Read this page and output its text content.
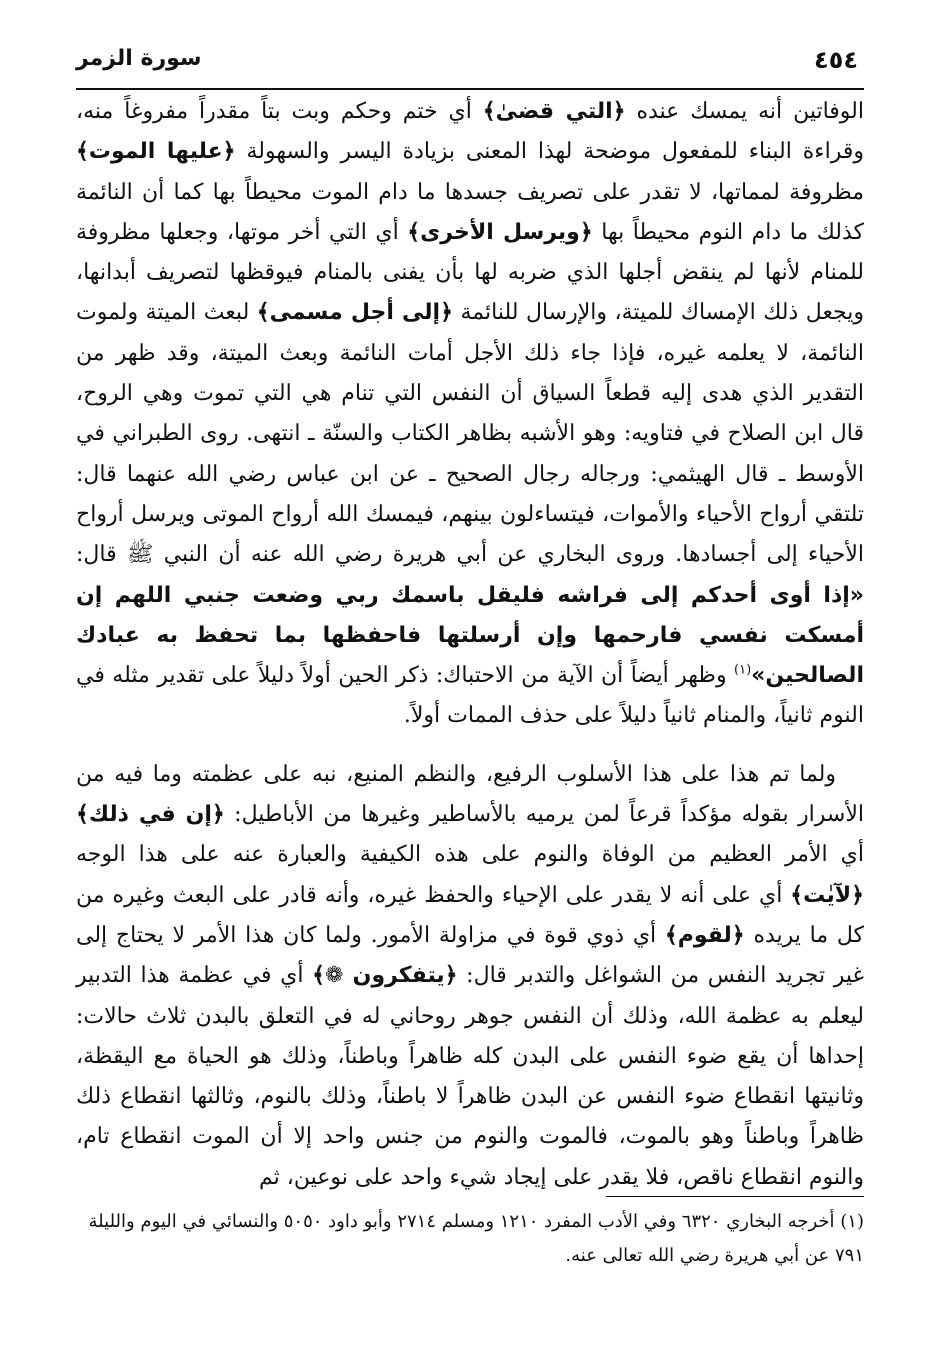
٤٥٤
سورة الزمر

الوفاتين أنه يمسك عنده ﴿التي قضىٰ﴾ أي ختم وحكم وبت بتاً مقدراً مفروغاً منه، وقراءة البناء للمفعول موضحة لهذا المعنى بزيادة اليسر والسهولة ﴿عليها الموت﴾ مظروفة لمماتها، لا تقدر على تصريف جسدها ما دام الموت محيطاً بها كما أن النائمة كذلك ما دام النوم محيطاً بها ﴿ويرسل الأخرى﴾ أي التي أخر موتها، وجعلها مظروفة للمنام لأنها لم ينقض أجلها الذي ضربه لها بأن يفنى بالمنام فيوقظها لتصريف أبدانها، ويجعل ذلك الإمساك للميتة، والإرسال للنائمة ﴿إلى أجل مسمى﴾ لبعث الميتة ولموت النائمة، لا يعلمه غيره، فإذا جاء ذلك الأجل أمات النائمة وبعث الميتة، وقد ظهر من التقدير الذي هدى إليه قطعاً السياق أن النفس التي تنام هي التي تموت وهي الروح، قال ابن الصلاح في فتاويه: وهو الأشبه بظاهر الكتاب والسنّة ـ انتهى. روى الطبراني في الأوسط ـ قال الهيثمي: ورجاله رجال الصحيح ـ عن ابن عباس رضي الله عنهما قال: تلتقي أرواح الأحياء والأموات، فيتساءلون بينهم، فيمسك الله أرواح الموتى ويرسل أرواح الأحياء إلى أجسادها. وروى البخاري عن أبي هريرة رضي الله عنه أن النبي ﷺ قال: «إذا أوى أحدكم إلى فراشه فليقل باسمك ربي وضعت جنبي اللهم إن أمسكت نفسي فارحمها وإن أرسلتها فاحفظها بما تحفظ به عبادك الصالحين»$^{(١)}$ وظهر أيضاً أن الآية من الاحتباك: ذكر الحين أولاً دليلاً على تقدير مثله في النوم ثانياً، والمنام ثانياً دليلاً على حذف الممات أولاً.

ولما تم هذا على هذا الأسلوب الرفيع، والنظم المنيع، نبه على عظمته وما فيه من الأسرار بقوله مؤكداً قرعاً لمن يرميه بالأساطير وغيرها من الأباطيل: ﴿إن في ذلك﴾ أي الأمر العظيم من الوفاة والنوم على هذه الكيفية والعبارة عنه على هذا الوجه ﴿لآيٰت﴾ أي على أنه لا يقدر على الإحياء والحفظ غيره، وأنه قادر على البعث وغيره من كل ما يريده ﴿لقوم﴾ أي ذوي قوة في مزاولة الأمور. ولما كان هذا الأمر لا يحتاج إلى غير تجريد النفس من الشواغل والتدبر قال: ﴿يتفكرون ❁﴾ أي في عظمة هذا التدبير ليعلم به عظمة الله، وذلك أن النفس جوهر روحاني له في التعلق بالبدن ثلاث حالات: إحداها أن يقع ضوء النفس على البدن كله ظاهراً وباطناً، وذلك هو الحياة مع اليقظة، وثانيتها انقطاع ضوء النفس عن البدن ظاهراً لا باطناً، وذلك بالنوم، وثالثها انقطاع ذلك ظاهراً وباطناً وهو بالموت، فالموت والنوم من جنس واحد إلا أن الموت انقطاع تام، والنوم انقطاع ناقص، فلا يقدر على إيجاد شيء واحد على نوعين، ثم

(١) أخرجه البخاري ٦٣٢٠ وفي الأدب المفرد ١٢١٠ ومسلم ٢٧١٤ وأبو داود ٥٠٥٠ والنسائي في اليوم والليلة ٧٩١ عن أبي هريرة رضي الله تعالى عنه.
